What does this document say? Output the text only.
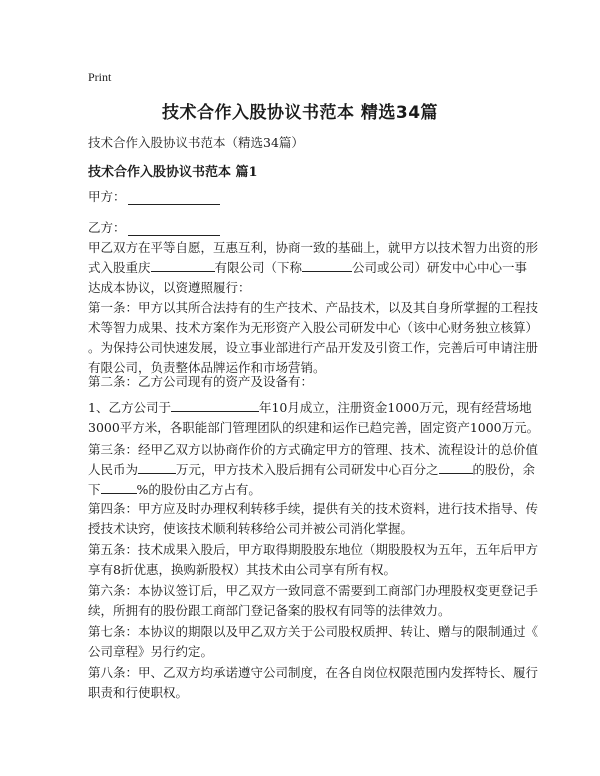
Print
技术合作入股协议书范本 精选34篇

技术合作入股协议书范本（精选34篇）

技术合作入股协议书范本 篇1
甲方：
乙方：

甲乙双方在平等自愿，互惠互利，协商一致的基础上，就甲方以技术智力出资的形
式入股重庆	有限公司（下称	公司或公司）研发中心中心一事
达成本协议，以资遵照履行：

第一条：甲方以其所合法持有的生产技术、产品技术，以及其自身所掌握的工程技
术等智力成果、技术方案作为无形资产入股公司研发中心（该中心财务独立核算）
。为保持公司快速发展，设立事业部进行产品开发及引资工作，完善后可申请注册
有限公司，负责整体品牌运作和市场营销。

第二条：乙方公司现有的资产及设备有：

1、乙方公司于	年10月成立，注册资金1000万元，现有经营场地
3000平方米，各职能部门管理团队的织建和运作已趋完善，固定资产1000万元。

第三条：经甲乙双方以协商作价的方式确定甲方的管理、技术、流程设计的总价值
人民币为	万元，甲方技术入股后拥有公司研发中心百分之	的股份，余
下	%的股份由乙方占有。

第四条：甲方应及时办理权利转移手续，提供有关的技术资料，进行技术指导、传
授技术诀窍，使该技术顺利转移给公司并被公司消化掌握。

第五条：技术成果入股后，甲方取得期股股东地位（期股股权为五年，五年后甲方
享有8折优惠，换购新股权）其技术由公司享有所有权。

第六条：本协议签订后，甲乙双方一致同意不需要到工商部门办理股权变更登记手
续，所拥有的股份跟工商部门登记备案的股权有同等的法律效力。

第七条：本协议的期限以及甲乙双方关于公司股权质押、转让、赠与的限制通过《
公司章程》另行约定。

第八条：甲、乙双方均承诺遵守公司制度，在各自岗位权限范围内发挥特长、履行
职责和行使职权。
